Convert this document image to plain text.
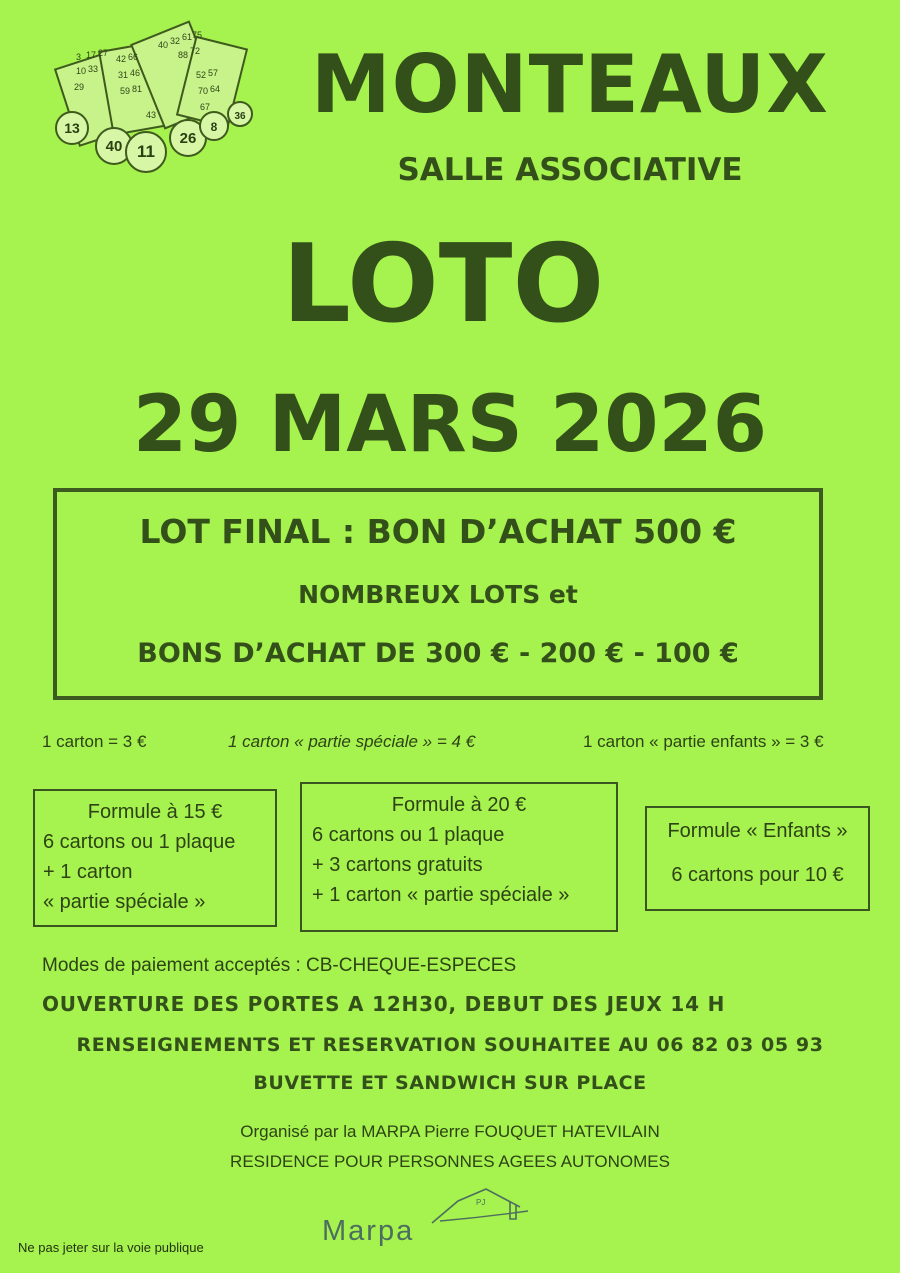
3 17 27
10 33
29
42 66
31 46
59 81
40 32 61 75
88 72
52 57
70 64
67
43
13
40 11
26
8
36 MONTEAUX
SALLE ASSOCIATIVE
LOTO
29 MARS 2026
LOT FINAL : BON D’ACHAT 500 €
NOMBREUX LOTS et
BONS D’ACHAT DE 300 € - 200 € - 100 €
1 carton = 3 €	1 carton « partie spéciale » = 4 €	1 carton « partie enfants » = 3 €
Formule à 15 €
6 cartons ou 1 plaque
+ 1 carton
« partie spéciale »
Formule à 20 €
6 cartons ou 1 plaque
+ 3 cartons gratuits
+ 1 carton « partie spéciale »
Formule « Enfants »
6 cartons pour 10 €
Modes de paiement acceptés : CB-CHEQUE-ESPECES
OUVERTURE DES PORTES A 12H30, DEBUT DES JEUX 14 H
RENSEIGNEMENTS ET RESERVATION SOUHAITEE AU 06 82 03 05 93
BUVETTE ET SANDWICH SUR PLACE
Organisé par la MARPA Pierre FOUQUET HATEVILAIN
RESIDENCE POUR PERSONNES AGEES AUTONOMES
Ne pas jeter sur la voie publique
PJ
Marpa
